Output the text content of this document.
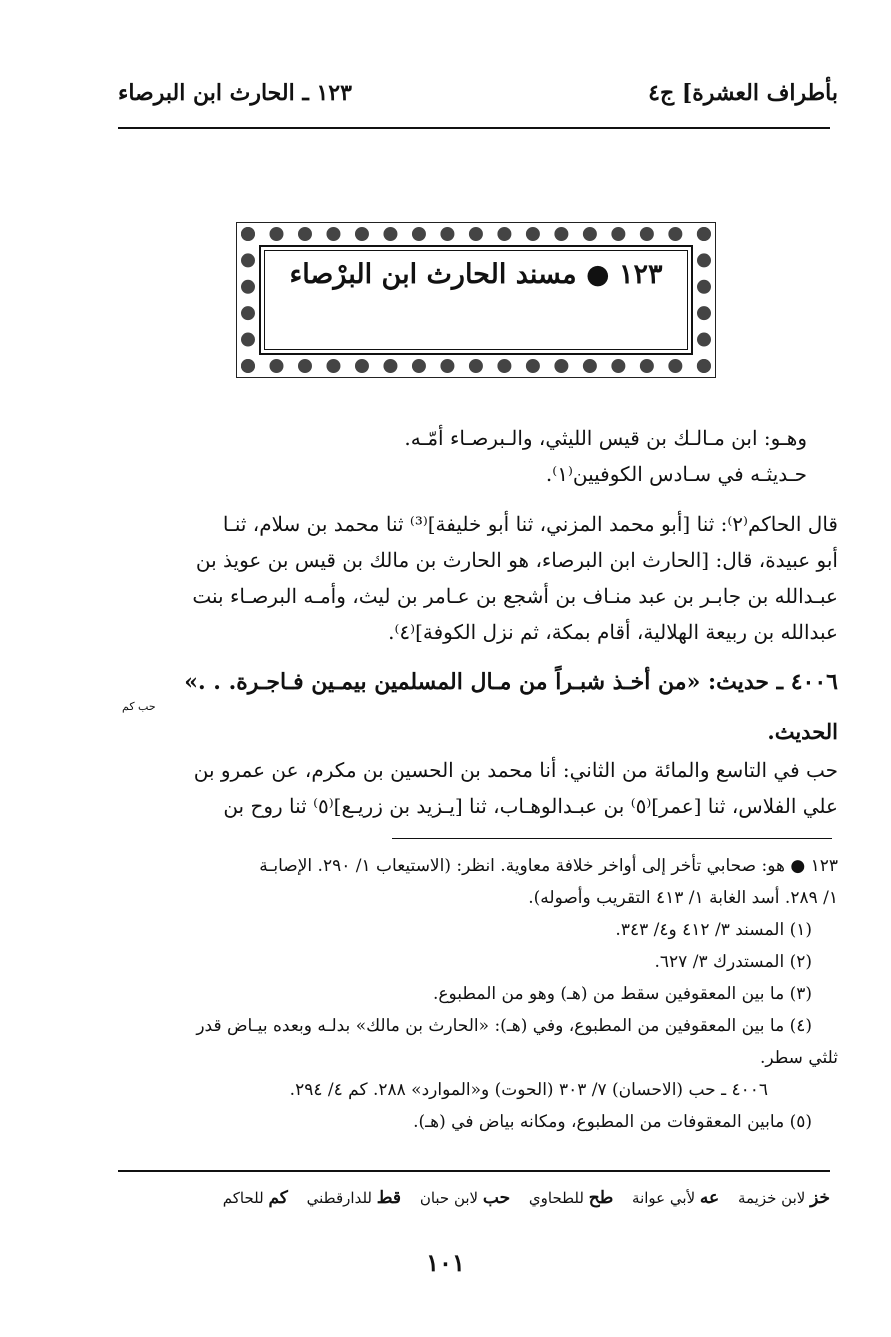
بأطراف العشرة] ج٤
١٢٣ ـ الحارث ابن البرصاء
١٢٣ ● مسند الحارث ابن البرْصاء
وهـو: ابن مـالـك بن قيس الليثي، والـبرصـاء أمّـه.
حـديثـه في سـادس الكوفيين⁽١⁾.
قال الحاكم⁽٢⁾: ثنا [أبو محمد المزني، ثنا أبو خليفة]⁽³⁾ ثنا محمد بن سلام، ثنـا
أبو عبيدة، قال: [الحارث ابن البرصاء، هو الحارث بن مالك بن قيس بن عويذ بن
عبـدالله بن جابـر بن عبد منـاف بن أشجع بن عـامر بن ليث، وأمـه البرصـاء بنت
عبدالله بن ربيعة الهلالية، أقام بمكة، ثم نزل الكوفة]⁽٤⁾.
٤٠٠٦ ـ حديث: «من أخـذ شبـراً من مـال المسلمين بيمـين فـاجـرة. . .»
حب كم
الحديث.
حب في التاسع والمائة من الثاني: أنا محمد بن الحسين بن مكرم، عن عمرو بن
علي الفلاس، ثنا [عمر]⁽٥⁾ بن عبـدالوهـاب، ثنا [يـزيد بن زريـع]⁽٥⁾ ثنا روح بن
١٢٣ ● هو: صحابي تأخر إلى أواخر خلافة معاوية. انظر: (الاستيعاب ١/ ٢٩٠. الإصابـة
١/ ٢٨٩. أسد الغابة ١/ ٤١٣ التقريب وأصوله).
(١) المسند ٣/ ٤١٢ و٤/ ٣٤٣.
(٢) المستدرك ٣/ ٦٢٧.
(٣) ما بين المعقوفين سقط من (هـ) وهو من المطبوع.
(٤) ما بين المعقوفين من المطبوع، وفي (هـ): «الحارث بن مالك» بدلـه وبعده بيـاض قدر
ثلثي سطر.
٤٠٠٦ ـ حب (الاحسان) ٧/ ٣٠٣ (الحوت) و«الموارد» ٢٨٨. كم ٤/ ٢٩٤.
(٥) مابين المعقوفات من المطبوع، ومكانه بياض في (هـ).
خز لابن خزيمة عه لأبي عوانة طح للطحاوي حب لابن حبان قط للدارقطني كم للحاكم
١٠١
